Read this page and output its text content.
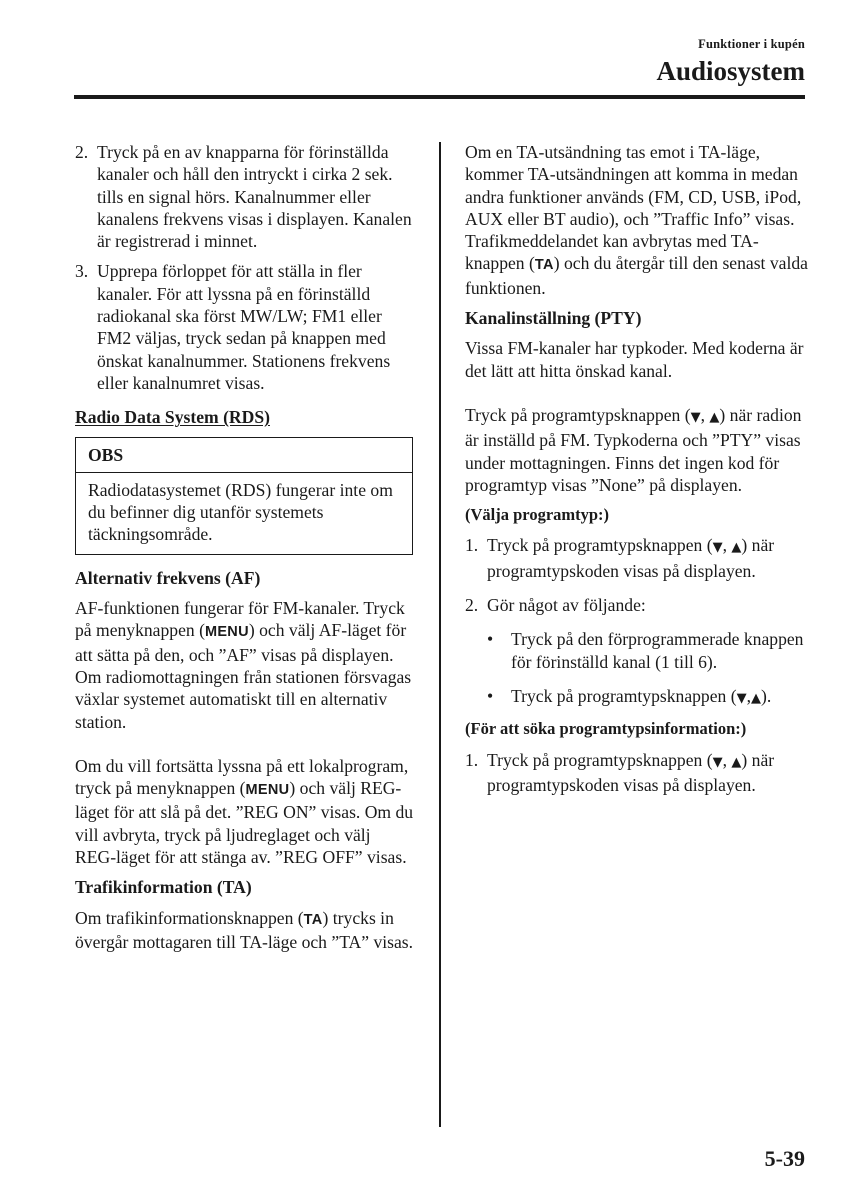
Funktioner i kupén
Audiosystem
2. Tryck på en av knapparna för förinställda kanaler och håll den intryckt i cirka 2 sek. tills en signal hörs. Kanalnummer eller kanalens frekvens visas i displayen. Kanalen är registrerad i minnet.
3. Upprepa förloppet för att ställa in fler kanaler. För att lyssna på en förinställd radiokanal ska först MW/LW; FM1 eller FM2 väljas, tryck sedan på knappen med önskat kanalnummer. Stationens frekvens eller kanalnumret visas.

Radio Data System (RDS)

OBS
Radiodatasystemet (RDS) fungerar inte om du befinner dig utanför systemets täckningsområde.

Alternativ frekvens (AF)

AF-funktionen fungerar för FM-kanaler. Tryck på menyknappen (MENU) och välj AF-läget för att sätta på den, och ”AF” visas på displayen. Om radiomottagningen från stationen försvagas växlar systemet automatiskt till en alternativ station.

Om du vill fortsätta lyssna på ett lokalprogram, tryck på menyknappen (MENU) och välj REG-läget för att slå på det. ”REG ON” visas. Om du vill avbryta, tryck på ljudreglaget och välj REG-läget för att stänga av. ”REG OFF” visas.

Trafikinformation (TA)

Om trafikinformationsknappen (TA) trycks in övergår mottagaren till TA-läge och ”TA” visas.

Om en TA-utsändning tas emot i TA-läge, kommer TA-utsändningen att komma in medan andra funktioner används (FM, CD, USB, iPod, AUX eller BT audio), och ”Traffic Info” visas. Trafikmeddelandet kan avbrytas med TA-knappen (TA) och du återgår till den senast valda funktionen.

Kanalinställning (PTY)

Vissa FM-kanaler har typkoder. Med koderna är det lätt att hitta önskad kanal.

Tryck på programtypsknappen (▼, ▲) när radion är inställd på FM. Typkoderna och ”PTY” visas under mottagningen. Finns det ingen kod för programtyp visas ”None” på displayen.

(Välja programtyp:)

1. Tryck på programtypsknappen (▼, ▲) när programtypskoden visas på displayen.
2. Gör något av följande:
•	Tryck på den förprogrammerade knappen för förinställd kanal (1 till 6).
•	Tryck på programtypsknappen (▼,▲).

(För att söka programtypsinformation:)

1. Tryck på programtypsknappen (▼, ▲) när programtypskoden visas på displayen.
5-39
